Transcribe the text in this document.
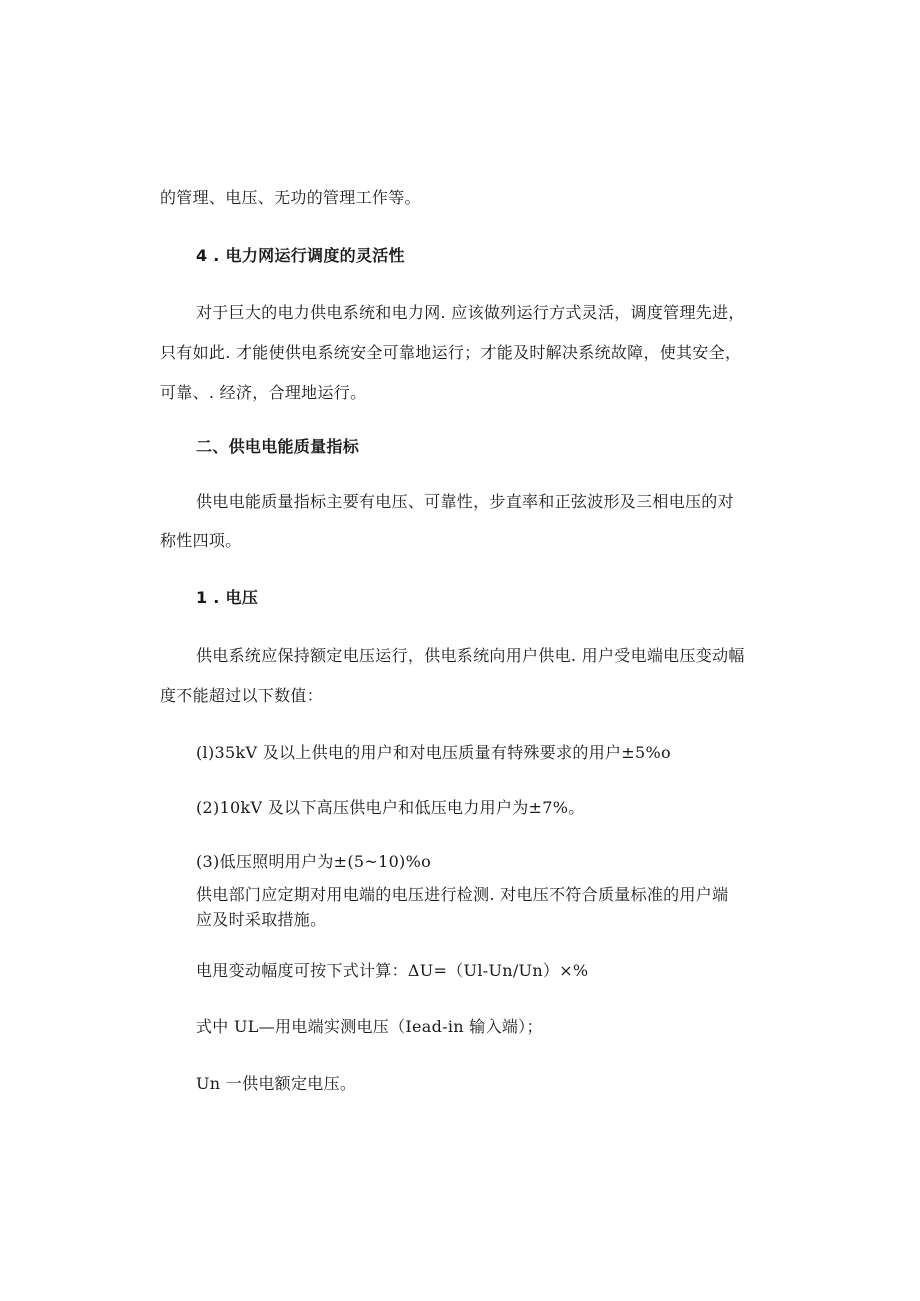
的管理、电压、无功的管理工作等。
4 . 电力网运行调度的灵活性
对于巨大的电力供电系统和电力网. 应该做列运行方式灵活，调度管理先进，
只有如此. 才能使供电系统安全可靠地运行；才能及时解决系统故障，使其安全，
可靠、. 经济，合理地运行。
二、供电电能质量指标
供电电能质量指标主要有电压、可靠性，步直率和正弦波形及三相电压的对
称性四项。
1 . 电压
供电系统应保持额定电压运行，供电系统向用户供电. 用户受电端电压变动幅
度不能超过以下数值：
(l)35kV 及以上供电的用户和对电压质量有特殊要求的用户±5%o
(2)10kV 及以下高压供电户和低压电力用户为±7%。
(3)低压照明用户为±(5~10)%o
供电部门应定期对用电端的电压进行检测. 对电压不符合质量标准的用户端
应及时采取措施。
电甩变动幅度可按下式计算：ΔU=（Ul-Un/Un）×%
式中 UL—用电端实测电压（Iead-in 输入端）；
Un 一供电额定电压。
